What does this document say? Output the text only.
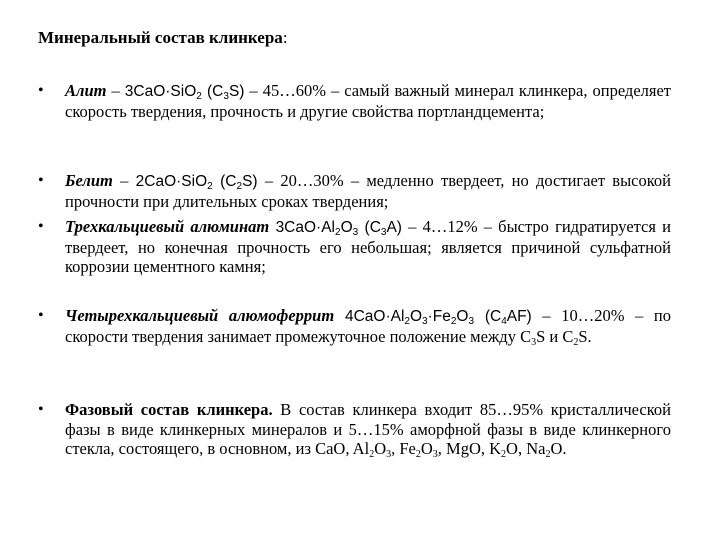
Минеральный состав клинкера:
• Алит – 3CaO·SiO$_2$ $(C_3S)$ – 45…60% – самый важный минерал клинкера, определяет скорость твердения, прочность и другие свойства портландцемента;
• Белит – 2CaO·SiO$_2$ $(C_2S)$ – 20…30% – медленно твердеет, но достигает высокой прочности при длительных сроках твердения;
• Трехкальциевый алюминат $3CaO\cdot Al_2O_3$ $(C_3A)$ – 4…12% – быстро гидратируется и твердеет, но конечная прочность его небольшая; является причиной сульфатной коррозии цементного камня;
• Четырехкальциевый алюмоферрит $4CaO\cdot Al_2O_3\cdot Fe_2O_3$ $(C_4AF)$ – 10…20% – по скорости твердения занимает промежуточное положение между $C_3S$ и $C_2S$.
• Фазовый состав клинкера. В состав клинкера входит 85…95% кристаллической фазы в виде клинкерных минералов и 5…15% аморфной фазы в виде клинкерного стекла, состоящего, в основном, из CaO, $Al_2O_3$, $Fe_2O_3$, MgO, $K_2O$, $Na_2O$.
